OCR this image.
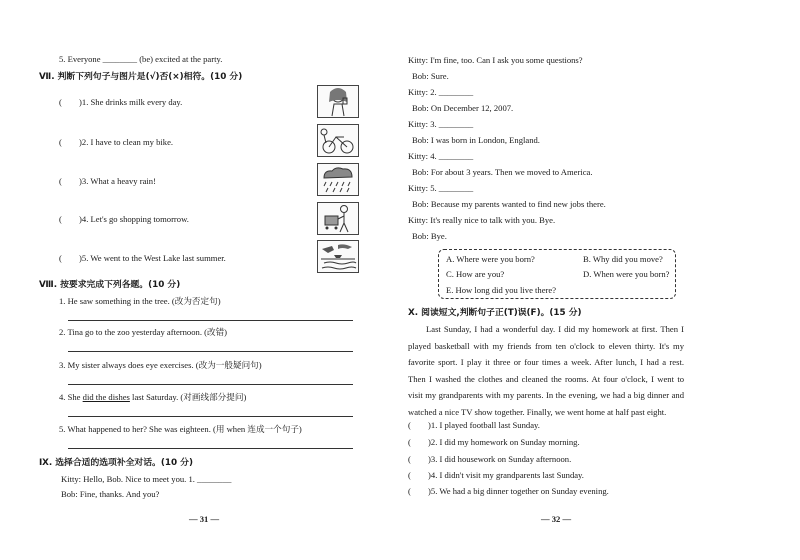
5. Everyone ________ (be) excited at the party.
Ⅶ. 判断下列句子与图片是(√)否(×)相符。(10 分)
(　　)1. She drinks milk every day.
(　　)2. I have to clean my bike.
(　　)3. What a heavy rain!
(　　)4. Let's go shopping tomorrow.
(　　)5. We went to the West Lake last summer.
Ⅷ. 按要求完成下列各题。(10 分)
1. He saw something in the tree. (改为否定句)
2. Tina go to the zoo yesterday afternoon. (改错)
3. My sister always does eye exercises. (改为一般疑问句)
4. She did the dishes last Saturday. (对画线部分提问)
5. What happened to her? She was eighteen. (用 when 连成一个句子)
Ⅸ. 选择合适的选项补全对话。(10 分)
Kitty: Hello, Bob. Nice to meet you. 1. ________
Bob: Fine, thanks. And you?
— 31 —
Kitty: I'm fine, too. Can I ask you some questions?
Bob: Sure.
Kitty: 2. ________
Bob: On December 12, 2007.
Kitty: 3. ________
Bob: I was born in London, England.
Kitty: 4. ________
Bob: For about 3 years. Then we moved to America.
Kitty: 5. ________
Bob: Because my parents wanted to find new jobs there.
Kitty: It's really nice to talk with you. Bye.
Bob: Bye.
A. Where were you born?	B. Why did you move?
C. How are you?	D. When were you born?
E. How long did you live there?
Ⅹ. 阅读短文,判断句子正(T)误(F)。(15 分)
Last Sunday, I had a wonderful day. I did my homework at first. Then I played basketball with my friends from ten o'clock to eleven thirty. It's my favorite sport. I play it three or four times a week. After lunch, I had a rest. Then I washed the clothes and cleaned the rooms. At four o'clock, I went to visit my grandparents with my parents. In the evening, we had a big dinner and watched a nice TV show together. Finally, we went home at half past eight.
(　　)1. I played football last Sunday.
(　　)2. I did my homework on Sunday morning.
(　　)3. I did housework on Sunday afternoon.
(　　)4. I didn't visit my grandparents last Sunday.
(　　)5. We had a big dinner together on Sunday evening.
— 32 —
